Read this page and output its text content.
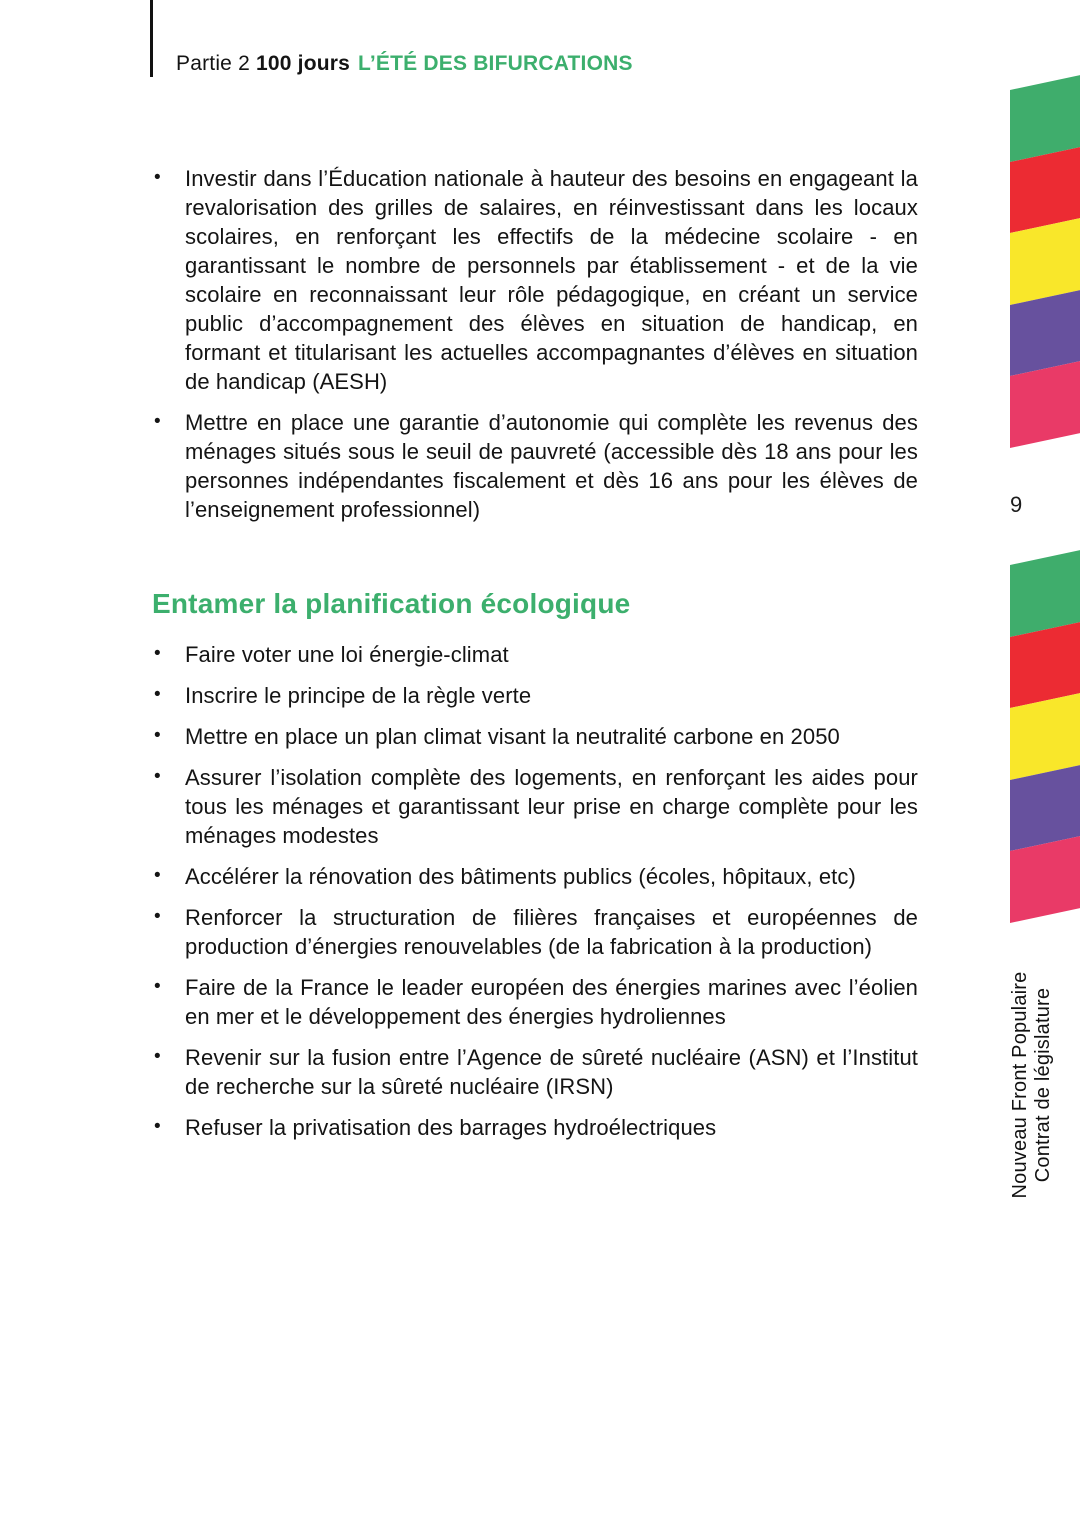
Partie 2 100 jours L’ÉTÉ DES BIFURCATIONS
• Investir dans l’Éducation nationale à hauteur des besoins en engageant la revalorisation des grilles de salaires, en réinvestissant dans les locaux scolaires, en renforçant les effectifs de la médecine scolaire - en garantissant le nombre de personnels par établissement - et de la vie scolaire en reconnaissant leur rôle pédagogique, en créant un service public d’accompagnement des élèves en situation de handicap, en formant et titularisant les actuelles accompagnantes d’élèves en situation de handicap (AESH)
• Mettre en place une garantie d’autonomie qui complète les revenus des ménages situés sous le seuil de pauvreté (accessible dès 18 ans pour les personnes indépendantes fiscalement et dès 16 ans pour les élèves de l’enseignement professionnel)
Entamer la planification écologique
• Faire voter une loi énergie-climat
• Inscrire le principe de la règle verte
• Mettre en place un plan climat visant la neutralité carbone en 2050
• Assurer l’isolation complète des logements, en renforçant les aides pour tous les ménages et garantissant leur prise en charge complète pour les ménages modestes
• Accélérer la rénovation des bâtiments publics (écoles, hôpitaux, etc)
• Renforcer la structuration de filières françaises et européennes de production d’énergies renouvelables (de la fabrication à la production)
• Faire de la France le leader européen des énergies marines avec l’éolien en mer et le développement des énergies hydroliennes
• Revenir sur la fusion entre l’Agence de sûreté nucléaire (ASN) et l’Institut de recherche sur la sûreté nucléaire (IRSN)
• Refuser la privatisation des barrages hydroélectriques
9
Nouveau Front Populaire Contrat de législature
